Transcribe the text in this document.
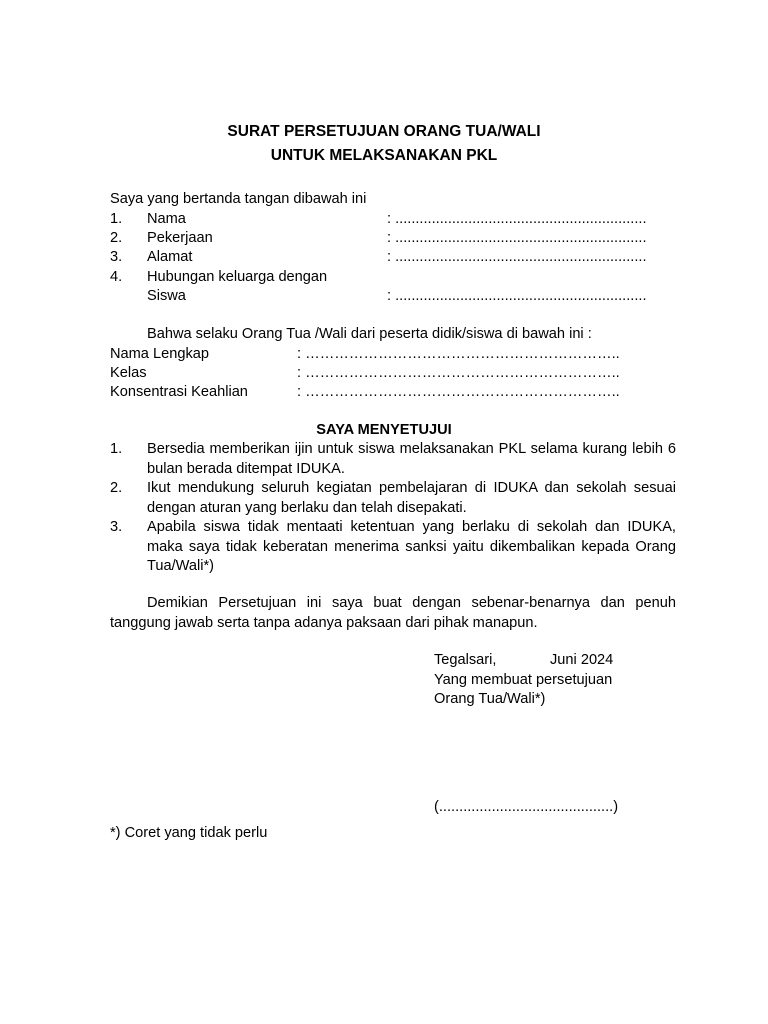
SURAT PERSETUJUAN ORANG TUA/WALI
UNTUK MELAKSANAKAN PKL
Saya yang bertanda tangan dibawah ini
1. Nama	: ..............................................................
2. Pekerjaan	: ..............................................................
3. Alamat	: ..............................................................
4. Hubungan keluarga dengan
Siswa	: ..............................................................
Bahwa selaku Orang Tua /Wali dari peserta didik/siswa di bawah ini :
Nama Lengkap	: ………………………………………………………..
Kelas	: ………………………………………………………..
Konsentrasi Keahlian	: ………………………………………………………..
SAYA MENYETUJUI
1. Bersedia memberikan ijin untuk siswa melaksanakan PKL selama kurang lebih 6 bulan berada ditempat IDUKA.
2. Ikut mendukung seluruh kegiatan pembelajaran di IDUKA dan sekolah sesuai dengan aturan yang berlaku dan telah disepakati.
3. Apabila siswa tidak mentaati ketentuan yang berlaku di sekolah dan IDUKA, maka saya tidak keberatan menerima sanksi yaitu dikembalikan kepada Orang Tua/Wali*)
Demikian Persetujuan ini saya buat dengan sebenar-benarnya dan penuh tanggung jawab serta tanpa adanya paksaan dari pihak manapun.
Tegalsari,	Juni 2024
Yang membuat persetujuan
Orang Tua/Wali*)
(...........................................)
*) Coret yang tidak perlu
